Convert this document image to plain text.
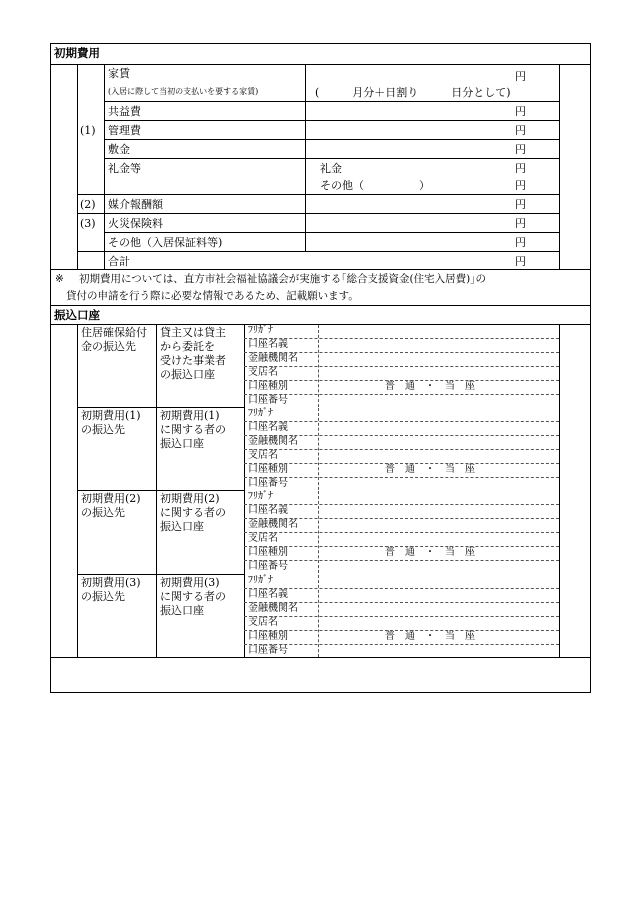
初期費用
(1)
(2)
(3)
家賃
(入居に際して当初の支払いを要する家賃)	(　　　月分＋日割り　　　日分として)
共益費
管理費
敷金
礼金等	礼金
その他（　　　　　）
媒介報酬額
火災保険料
その他（入居保証料等)
合計
円
円
円
円
円
円
円
円
円
円
※ 初期費用については、直方市社会福祉協議会が実施する｢総合支援資金(住宅入居費)｣の
貸付の申請を行う際に必要な情報であるため、記載願います。
振込口座
住居確保給付
金の振込先
貸主又は貸主
から委託を
受けた事業者
の振込口座
ﾌﾘｶﾞﾅ
口座名義
金融機関名
支店名
口座種別
口座番号
普　通　・　当　座
初期費用(1)
の振込先
初期費用(1)
に関する者の
振込口座
ﾌﾘｶﾞﾅ
口座名義
金融機関名
支店名
口座種別
口座番号
普　通　・　当　座
初期費用(2)
の振込先
初期費用(2)
に関する者の
振込口座
ﾌﾘｶﾞﾅ
口座名義
金融機関名
支店名
口座種別
口座番号
普　通　・　当　座
初期費用(3)
の振込先
初期費用(3)
に関する者の
振込口座
ﾌﾘｶﾞﾅ
口座名義
金融機関名
支店名
口座種別
口座番号
普　通　・　当　座
